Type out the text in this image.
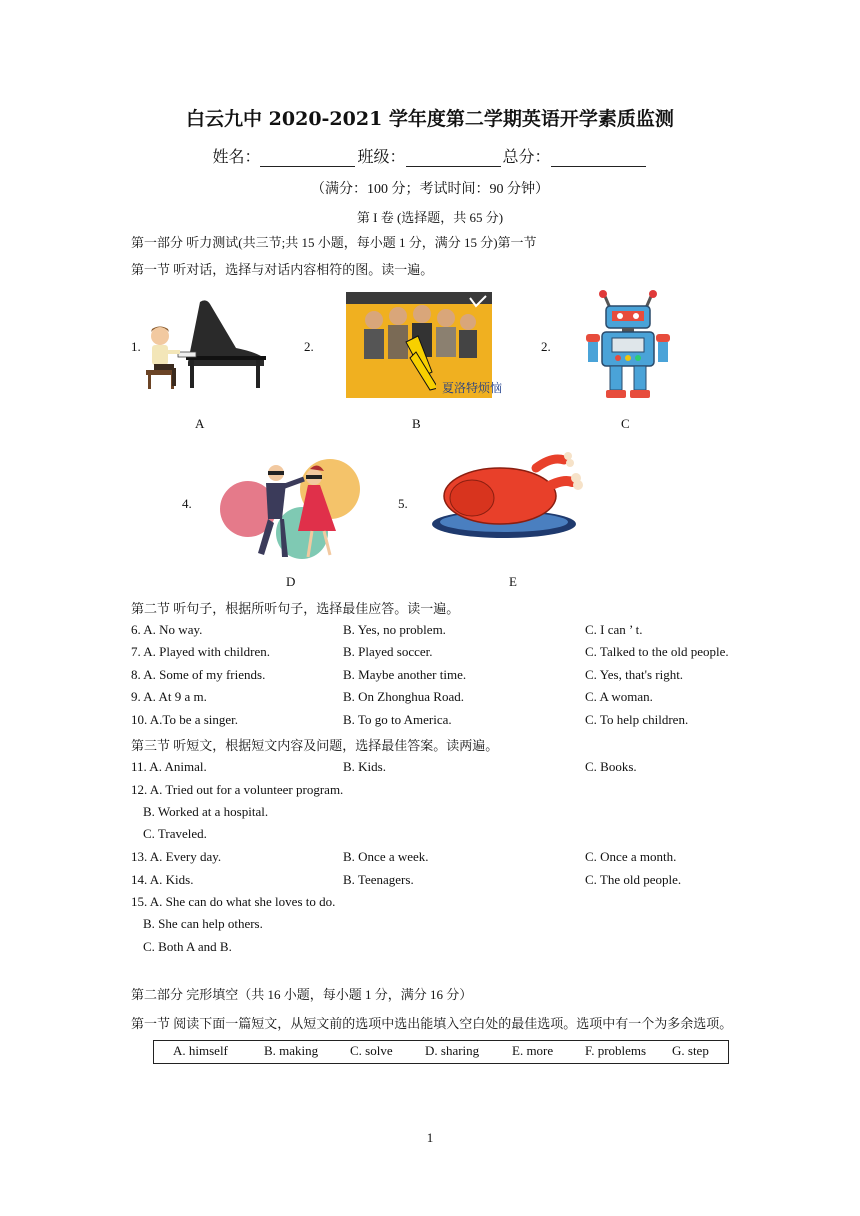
白云九中 2020-2021 学年度第二学期英语开学素质监测
姓名：	班级：	总分：
（满分：100 分；考试时间：90 分钟）
第 I 卷 (选择题，共 65 分)
第一部分 听力测试(共三节;共 15 小题，每小题 1 分，满分 15 分)第一节
第一节 听对话，选择与对话内容相符的图。读一遍。
1.	2.
夏洛特烦恼
2.
A	B	C
4.	5.
D	E
第二节 听句子，根据所听句子，选择最佳应答。读一遍。
6. A. No way.	B. Yes, no problem.	C. I can ’ t.
7. A. Played with children.	B. Played soccer.	C. Talked to the old people.
8. A. Some of my friends.	B. Maybe another time.	C. Yes, that's right.
9. A. At 9 a m.	B. On Zhonghua Road.	C. A woman.
10. A.To be a singer.	B. To go to America.	C. To help children.
第三节 听短文，根据短文内容及问题，选择最佳答案。读两遍。
11. A. Animal.	B. Kids.	C. Books.
12. A. Tried out for a volunteer program.
B. Worked at a hospital.
C. Traveled.
13. A. Every day.	B. Once a week.	C. Once a month.
14. A. Kids.	B. Teenagers.	C. The old people.
15. A. She can do what she loves to do.
B. She can help others.
C. Both A and B.
第二部分 完形填空（共 16 小题，每小题 1 分，满分 16 分）
第一节 阅读下面一篇短文，从短文前的选项中选出能填入空白处的最佳选项。选项中有一个为多余选项。
A. himself	B. making C. solve D. sharing	E. more F. problems G. step
1
